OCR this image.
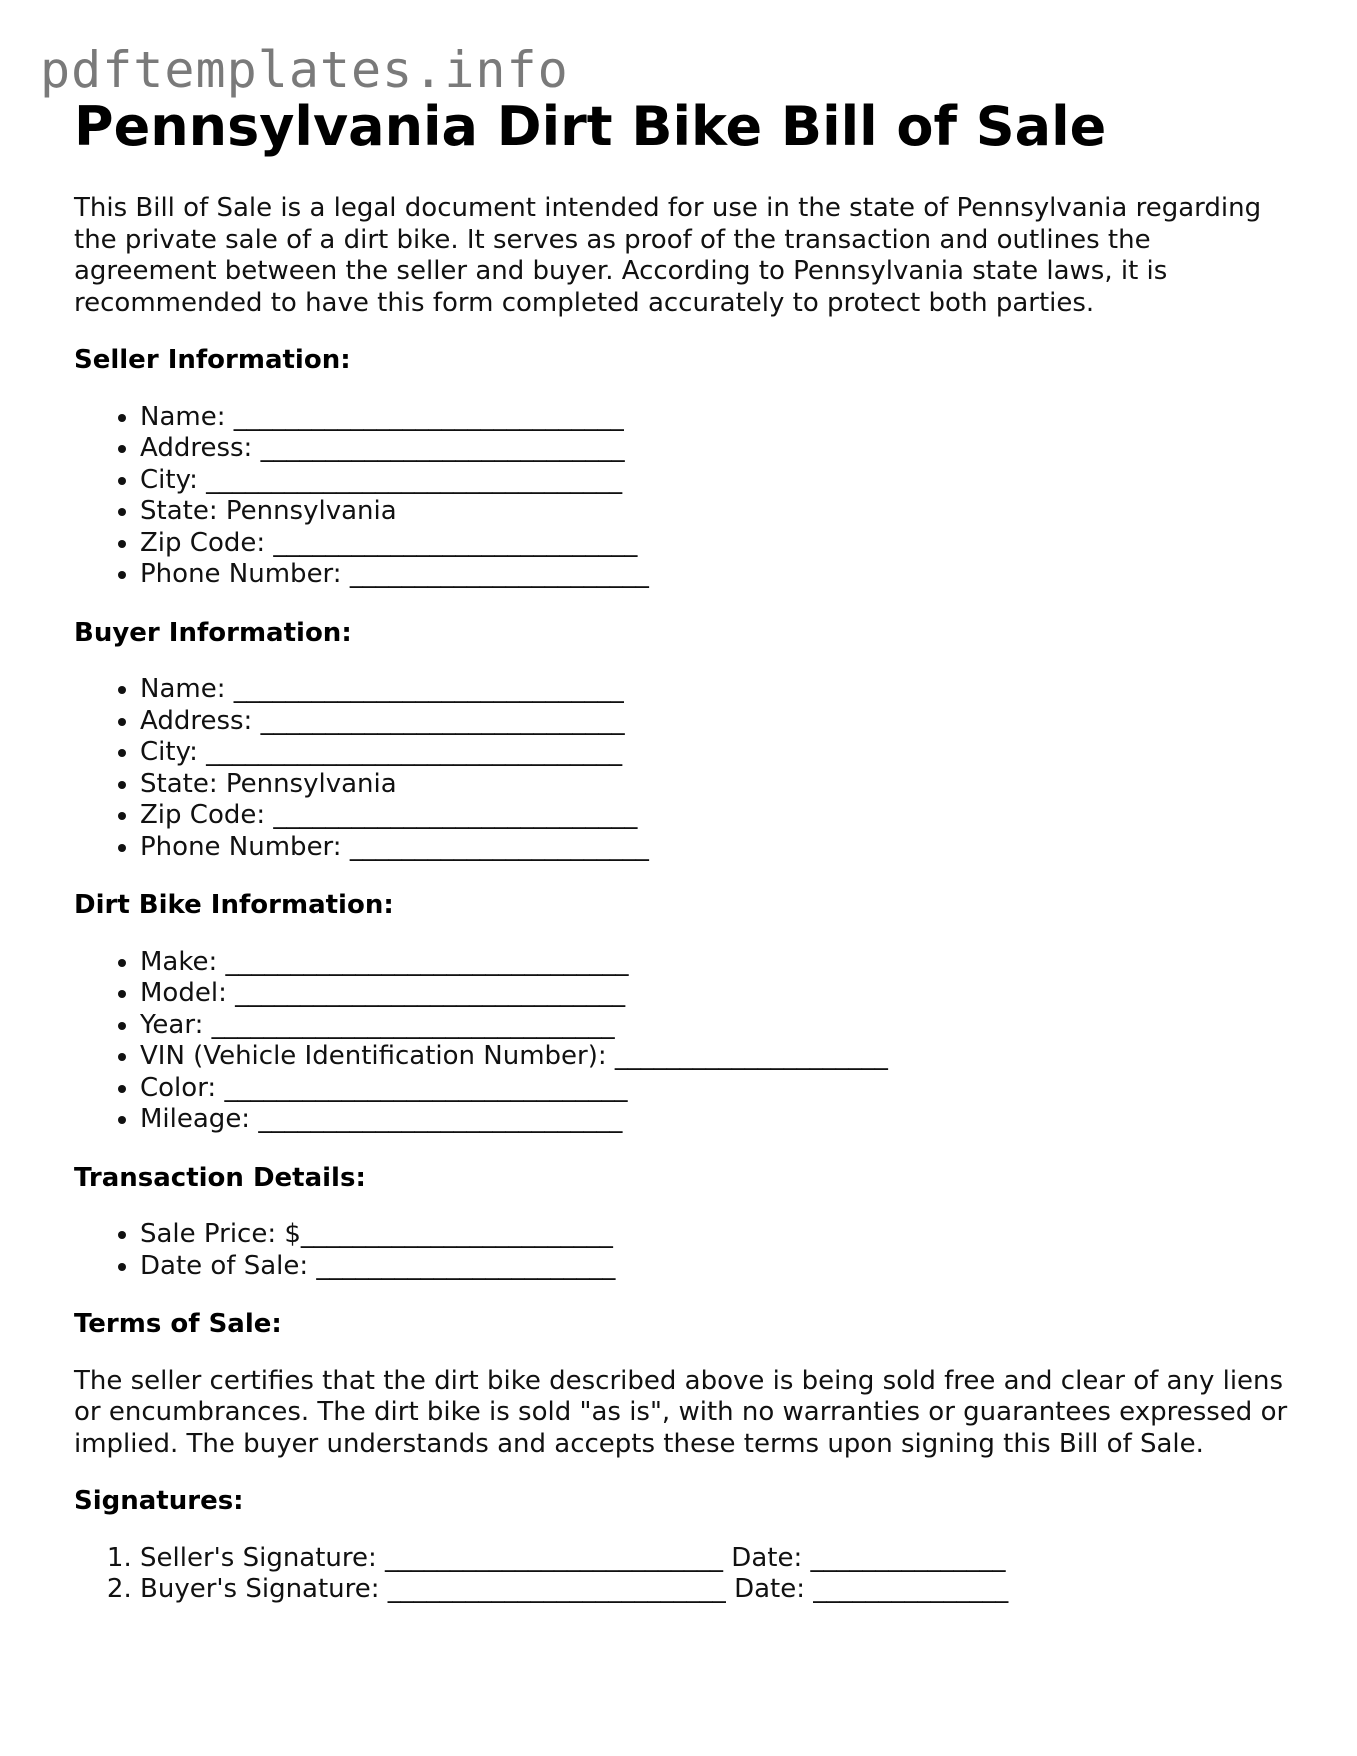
pdftemplates.info
Pennsylvania Dirt Bike Bill of Sale

This Bill of Sale is a legal document intended for use in the state of Pennsylvania regarding the private sale of a dirt bike. It serves as proof of the transaction and outlines the agreement between the seller and buyer. According to Pennsylvania state laws, it is recommended to have this form completed accurately to protect both parties.

Seller Information:
• Name: ______________________________
• Address: ____________________________
• City: ________________________________
• State: Pennsylvania
• Zip Code: ____________________________
• Phone Number: _______________________
Buyer Information:
• Name: ______________________________
• Address: ____________________________
• City: ________________________________
• State: Pennsylvania
• Zip Code: ____________________________
• Phone Number: _______________________
Dirt Bike Information:
• Make: _______________________________
• Model: ______________________________
• Year: _______________________________
• VIN (Vehicle Identification Number): _____________________
• Color: _______________________________
• Mileage: ____________________________
Transaction Details:
• Sale Price: $________________________
• Date of Sale: _______________________
Terms of Sale:

The seller certifies that the dirt bike described above is being sold free and clear of any liens or encumbrances. The dirt bike is sold "as is", with no warranties or guarantees expressed or implied. The buyer understands and accepts these terms upon signing this Bill of Sale.

Signatures:
1. Seller's Signature: __________________________ Date: _______________
2. Buyer's Signature: __________________________ Date: _______________
